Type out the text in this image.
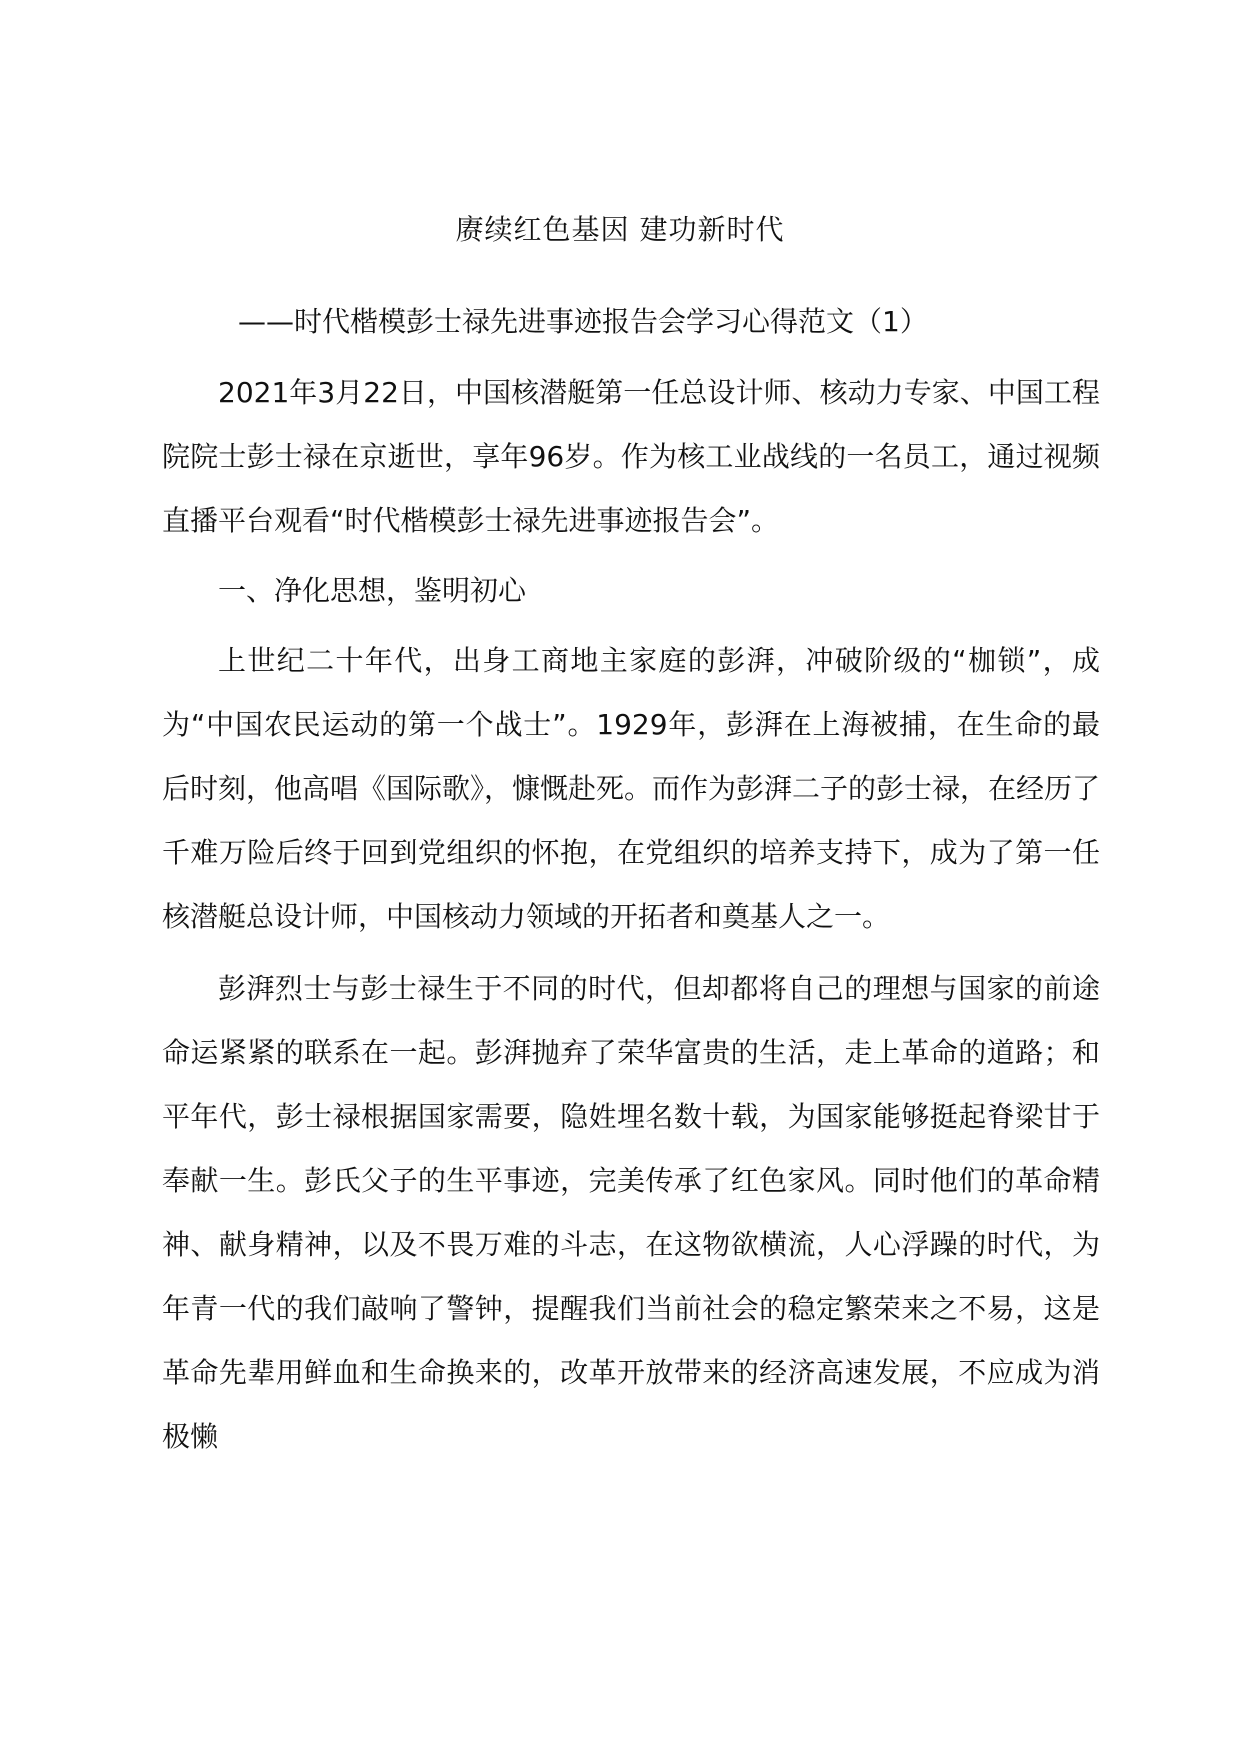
赓续红色基因 建功新时代
——时代楷模彭士禄先进事迹报告会学习心得范文（1）

2021年3月22日，中国核潜艇第一任总设计师、核动力专家、中国工程院院士彭士禄在京逝世，享年96岁。作为核工业战线的一名员工，通过视频直播平台观看“时代楷模彭士禄先进事迹报告会”。

一、净化思想，鉴明初心

上世纪二十年代，出身工商地主家庭的彭湃，冲破阶级的“枷锁”，成为“中国农民运动的第一个战士”。1929年，彭湃在上海被捕，在生命的最后时刻，他高唱《国际歌》，慷慨赴死。而作为彭湃二子的彭士禄，在经历了千难万险后终于回到党组织的怀抱，在党组织的培养支持下，成为了第一任核潜艇总设计师，中国核动力领域的开拓者和奠基人之一。

彭湃烈士与彭士禄生于不同的时代，但却都将自己的理想与国家的前途命运紧紧的联系在一起。彭湃抛弃了荣华富贵的生活，走上革命的道路；和平年代，彭士禄根据国家需要，隐姓埋名数十载，为国家能够挺起脊梁甘于奉献一生。彭氏父子的生平事迹，完美传承了红色家风。同时他们的革命精神、献身精神，以及不畏万难的斗志，在这物欲横流，人心浮躁的时代，为年青一代的我们敲响了警钟，提醒我们当前社会的稳定繁荣来之不易，这是革命先辈用鲜血和生命换来的，改革开放带来的经济高速发展，不应成为消极懒
